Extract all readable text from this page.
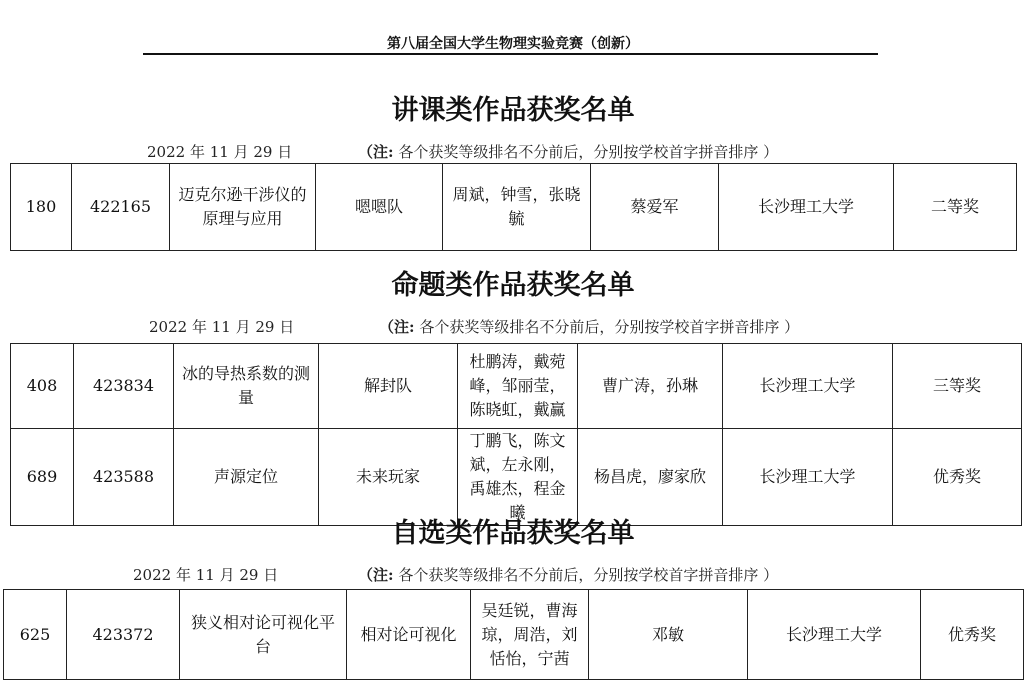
第八届全国大学生物理实验竞赛（创新）
讲课类作品获奖名单
2022 年 11 月 29 日	（注: 各个获奖等级排名不分前后，分别按学校首字拼音排序 ）
180	422165	迈克尔逊干涉仪的原理与应用	嗯嗯队	周斌，钟雪，张晓毓	蔡爱军	长沙理工大学	二等奖
命题类作品获奖名单
2022 年 11 月 29 日	（注: 各个获奖等级排名不分前后，分别按学校首字拼音排序 ）
408	423834	冰的导热系数的测量	解封队	杜鹏涛，戴菀峰，邹丽莹，陈晓虹，戴赢	曹广涛，孙琳	长沙理工大学	三等奖
689	423588	声源定位	未来玩家	丁鹏飞，陈文斌，左永刚，禹雄杰，程金曦	杨昌虎，廖家欣	长沙理工大学	优秀奖
自选类作品获奖名单
2022 年 11 月 29 日	（注: 各个获奖等级排名不分前后，分别按学校首字拼音排序 ）
625	423372	狭义相对论可视化平台	相对论可视化	吴廷锐，曹海琼，周浩，刘恬怡，宁茜	邓敏	长沙理工大学	优秀奖
